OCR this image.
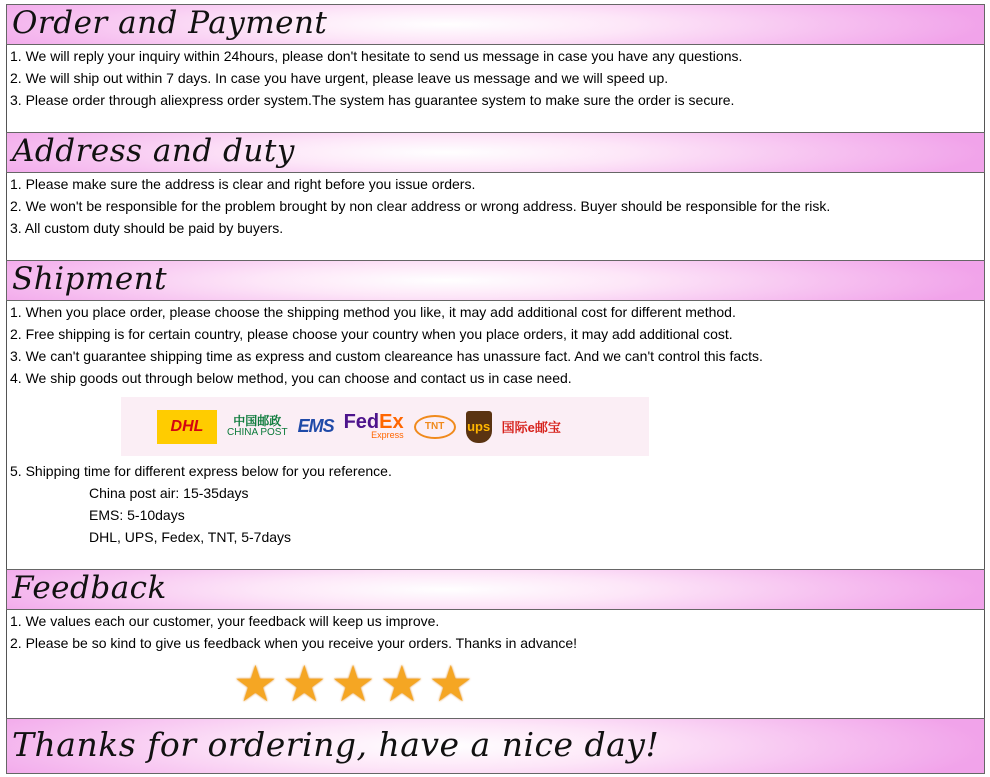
Order and Payment
1. We will reply your inquiry within 24hours, please don't hesitate to send us message in case you have any questions.
2. We will ship out within 7 days. In case you have urgent, please leave us message and we will speed up.
3. Please order through aliexpress order system.The system has guarantee system to make sure the order is secure.
Address and duty
1. Please make sure the address is clear and right before you issue orders.
2. We won't be responsible for the problem brought by non clear address or wrong address. Buyer should be responsible for the risk.
3. All custom duty should be paid by buyers.
Shipment
1. When you place order, please choose the shipping method you like, it may add additional cost for different method.
2. Free shipping is for certain country, please choose your country when you place orders, it may add additional cost.
3. We can't guarantee shipping time as express and custom cleareance has unassure fact. And we can't control this facts.
4. We ship goods out through below method, you can choose and contact us in case need.
DHL	中国邮政
CHINA POST EMS FedEx
Express
TNT	ups 国际e邮宝
5. Shipping time for different express below for you reference.
China post air: 15-35days
EMS: 5-10days
DHL, UPS, Fedex, TNT, 5-7days
Feedback
1. We values each our customer, your feedback will keep us improve.
2. Please be so kind to give us feedback when you receive your orders. Thanks in advance!
★ ★ ★ ★ ★
Thanks for ordering, have a nice day!
